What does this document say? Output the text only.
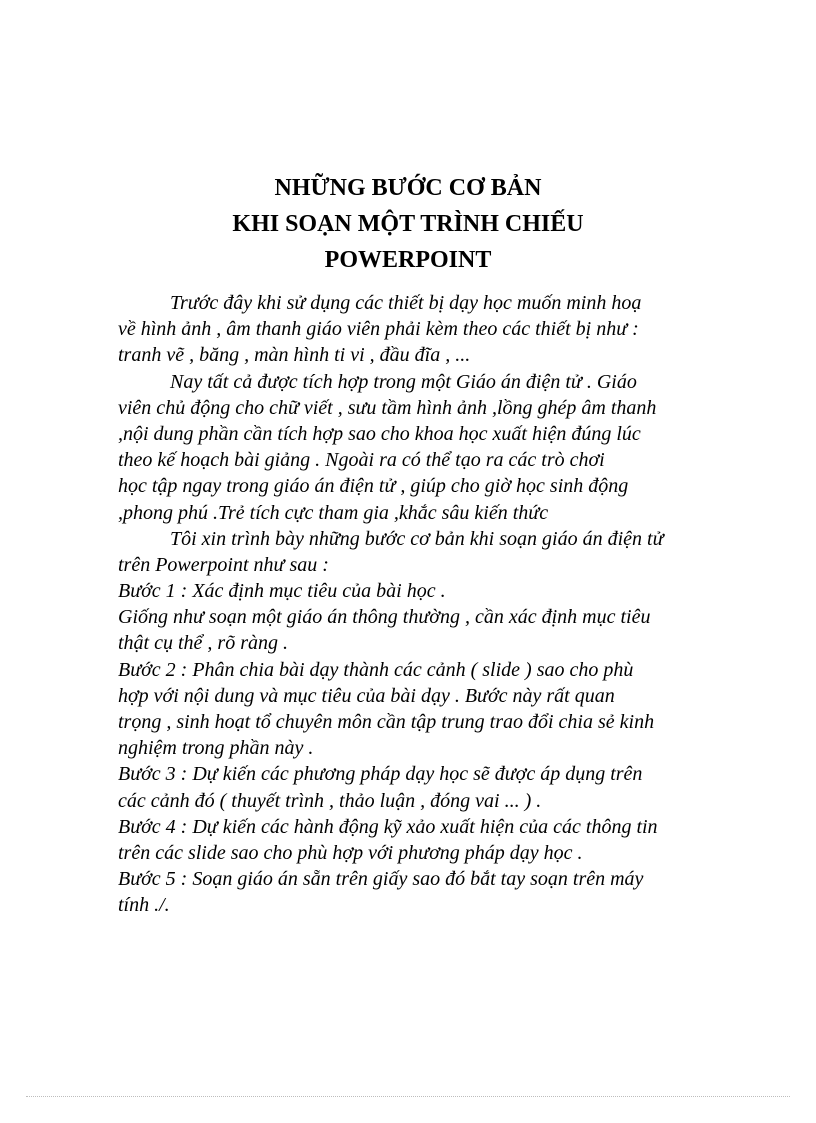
NHỮNG BƯỚC CƠ BẢN
KHI SOẠN MỘT TRÌNH CHIẾU
POWERPOINT
Trước đây khi sử dụng các thiết bị dạy học muốn minh hoạ
về hình ảnh , âm thanh giáo viên phải kèm theo các thiết bị như :
tranh vẽ , băng , màn hình ti vi , đầu đĩa , ...
Nay tất cả được tích hợp trong một Giáo án điện tử . Giáo
viên chủ động cho chữ viết , sưu tầm hình ảnh ,lồng ghép âm thanh
,nội dung phần cần tích hợp sao cho khoa học xuất hiện đúng lúc
theo kế hoạch bài giảng . Ngoài ra có thể tạo ra các trò chơi
học tập ngay trong giáo án điện tử , giúp cho giờ học sinh động
,phong phú .Trẻ tích cực tham gia ,khắc sâu kiến thức
Tôi xin trình bày những bước cơ bản khi soạn giáo án điện tử
trên Powerpoint như sau :
Bước 1 : Xác định mục tiêu của bài học .
Giống như soạn một giáo án thông thường , cần xác định mục tiêu
thật cụ thể , rõ ràng .
Bước 2 : Phân chia bài dạy thành các cảnh ( slide ) sao cho phù
hợp với nội dung và mục tiêu của bài dạy . Bước này rất quan
trọng , sinh hoạt tổ chuyên môn cần tập trung trao đổi chia sẻ kinh
nghiệm trong phần này .
Bước 3 : Dự kiến các phương pháp dạy học sẽ được áp dụng trên
các cảnh đó ( thuyết trình , thảo luận , đóng vai ... ) .
Bước 4 : Dự kiến các hành động kỹ xảo xuất hiện của các thông tin
trên các slide sao cho phù hợp với phương pháp dạy học .
Bước 5 : Soạn giáo án sẵn trên giấy sao đó bắt tay soạn trên máy
tính ./.
